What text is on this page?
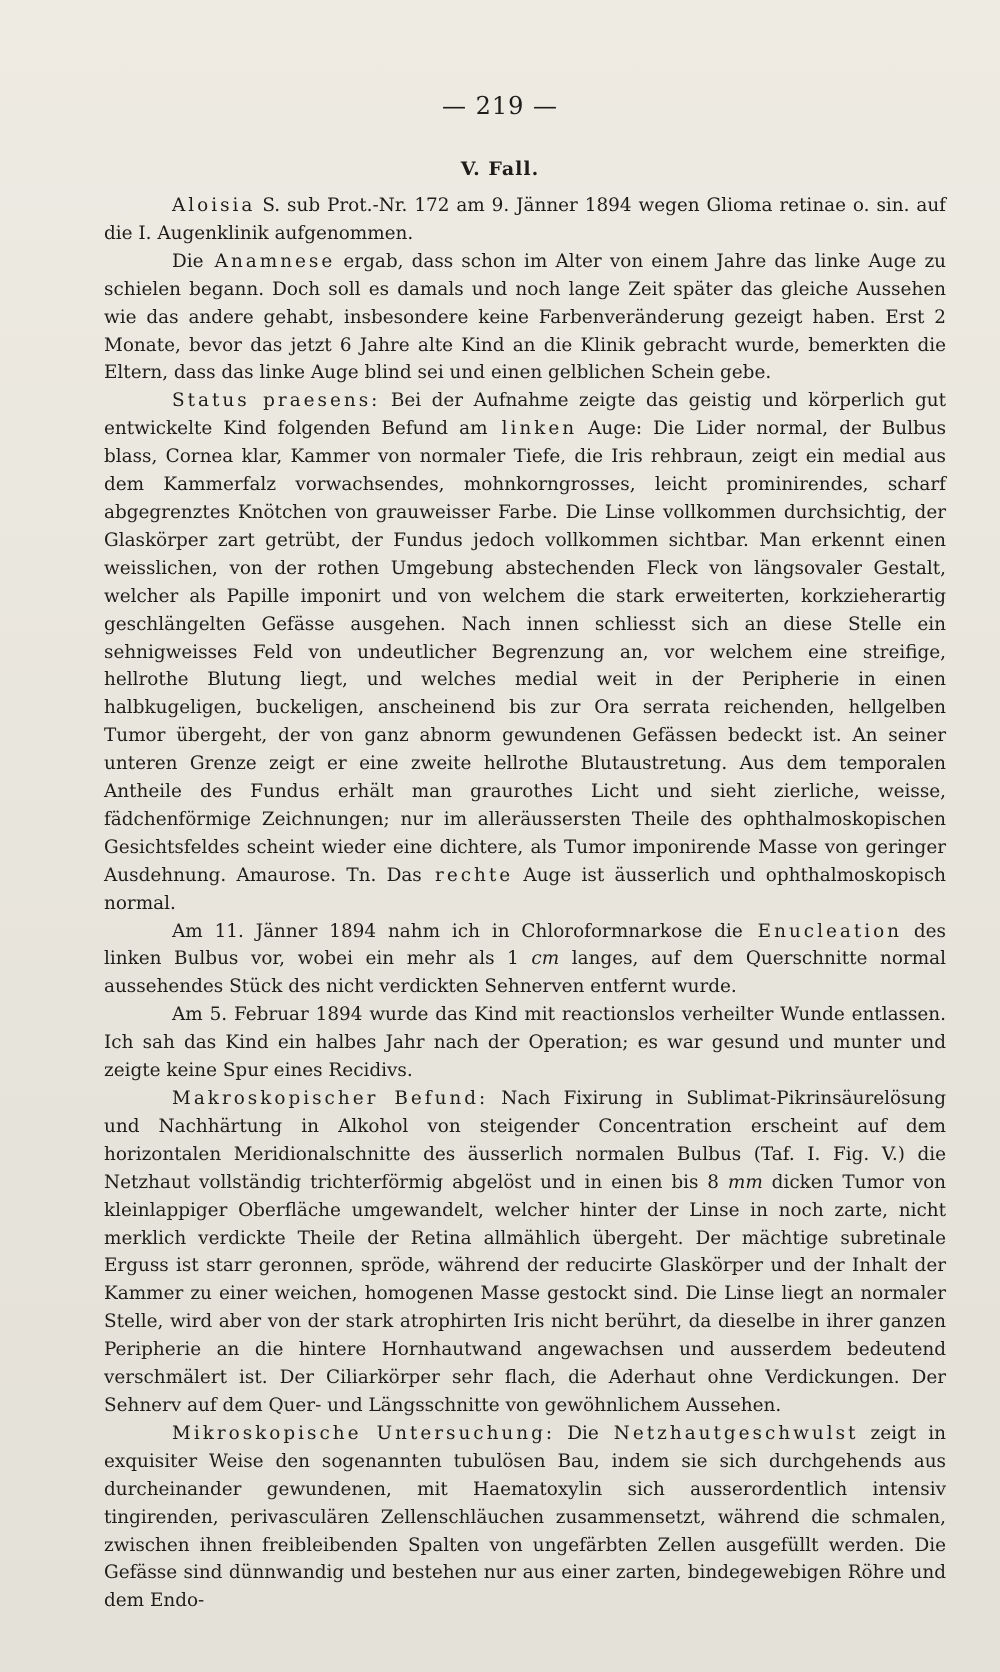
— 219 —
V. Fall.

Aloisia S. sub Prot.-Nr. 172 am 9. Jänner 1894 wegen Glioma retinae o. sin. auf die I. Augenklinik aufgenommen.

Die Anamnese ergab, dass schon im Alter von einem Jahre das linke Auge zu schielen begann. Doch soll es damals und noch lange Zeit später das gleiche Aussehen wie das andere gehabt, insbesondere keine Farbenveränderung gezeigt haben. Erst 2 Monate, bevor das jetzt 6 Jahre alte Kind an die Klinik gebracht wurde, bemerkten die Eltern, dass das linke Auge blind sei und einen gelblichen Schein gebe.

Status praesens: Bei der Aufnahme zeigte das geistig und körperlich gut entwickelte Kind folgenden Befund am linken Auge: Die Lider normal, der Bulbus blass, Cornea klar, Kammer von normaler Tiefe, die Iris rehbraun, zeigt ein medial aus dem Kammerfalz vorwachsendes, mohnkorngrosses, leicht prominirendes, scharf abgegrenztes Knötchen von grauweisser Farbe. Die Linse vollkommen durchsichtig, der Glaskörper zart getrübt, der Fundus jedoch vollkommen sichtbar. Man erkennt einen weisslichen, von der rothen Umgebung abstechenden Fleck von längsovaler Gestalt, welcher als Papille imponirt und von welchem die stark erweiterten, korkzieherartig geschlängelten Gefässe ausgehen. Nach innen schliesst sich an diese Stelle ein sehnigweisses Feld von undeutlicher Begrenzung an, vor welchem eine streifige, hellrothe Blutung liegt, und welches medial weit in der Peripherie in einen halbkugeligen, buckeligen, anscheinend bis zur Ora serrata reichenden, hellgelben Tumor übergeht, der von ganz abnorm gewundenen Gefässen bedeckt ist. An seiner unteren Grenze zeigt er eine zweite hellrothe Blutaustretung. Aus dem temporalen Antheile des Fundus erhält man graurothes Licht und sieht zierliche, weisse, fädchenförmige Zeichnungen; nur im alleräussersten Theile des ophthalmoskopischen Gesichtsfeldes scheint wieder eine dichtere, als Tumor imponirende Masse von geringer Ausdehnung. Amaurose. Tn. Das rechte Auge ist äusserlich und ophthalmoskopisch normal.

Am 11. Jänner 1894 nahm ich in Chloroformnarkose die Enucleation des linken Bulbus vor, wobei ein mehr als 1 cm langes, auf dem Querschnitte normal aussehendes Stück des nicht verdickten Sehnerven entfernt wurde.

Am 5. Februar 1894 wurde das Kind mit reactionslos verheilter Wunde entlassen. Ich sah das Kind ein halbes Jahr nach der Operation; es war gesund und munter und zeigte keine Spur eines Recidivs.

Makroskopischer Befund: Nach Fixirung in Sublimat-Pikrinsäurelösung und Nachhärtung in Alkohol von steigender Concentration erscheint auf dem horizontalen Meridionalschnitte des äusserlich normalen Bulbus (Taf. I. Fig. V.) die Netzhaut vollständig trichterförmig abgelöst und in einen bis 8 mm dicken Tumor von kleinlappiger Oberfläche umgewandelt, welcher hinter der Linse in noch zarte, nicht merklich verdickte Theile der Retina allmählich übergeht. Der mächtige subretinale Erguss ist starr geronnen, spröde, während der reducirte Glaskörper und der Inhalt der Kammer zu einer weichen, homogenen Masse gestockt sind. Die Linse liegt an normaler Stelle, wird aber von der stark atrophirten Iris nicht berührt, da dieselbe in ihrer ganzen Peripherie an die hintere Hornhautwand angewachsen und ausserdem bedeutend verschmälert ist. Der Ciliarkörper sehr flach, die Aderhaut ohne Verdickungen. Der Sehnerv auf dem Quer- und Längsschnitte von gewöhnlichem Aussehen.

Mikroskopische Untersuchung: Die Netzhautgeschwulst zeigt in exquisiter Weise den sogenannten tubulösen Bau, indem sie sich durchgehends aus durcheinander gewundenen, mit Haematoxylin sich ausserordentlich intensiv tingirenden, perivasculären Zellenschläuchen zusammensetzt, während die schmalen, zwischen ihnen freibleibenden Spalten von ungefärbten Zellen ausgefüllt werden. Die Gefässe sind dünnwandig und bestehen nur aus einer zarten, bindegewebigen Röhre und dem Endo-
